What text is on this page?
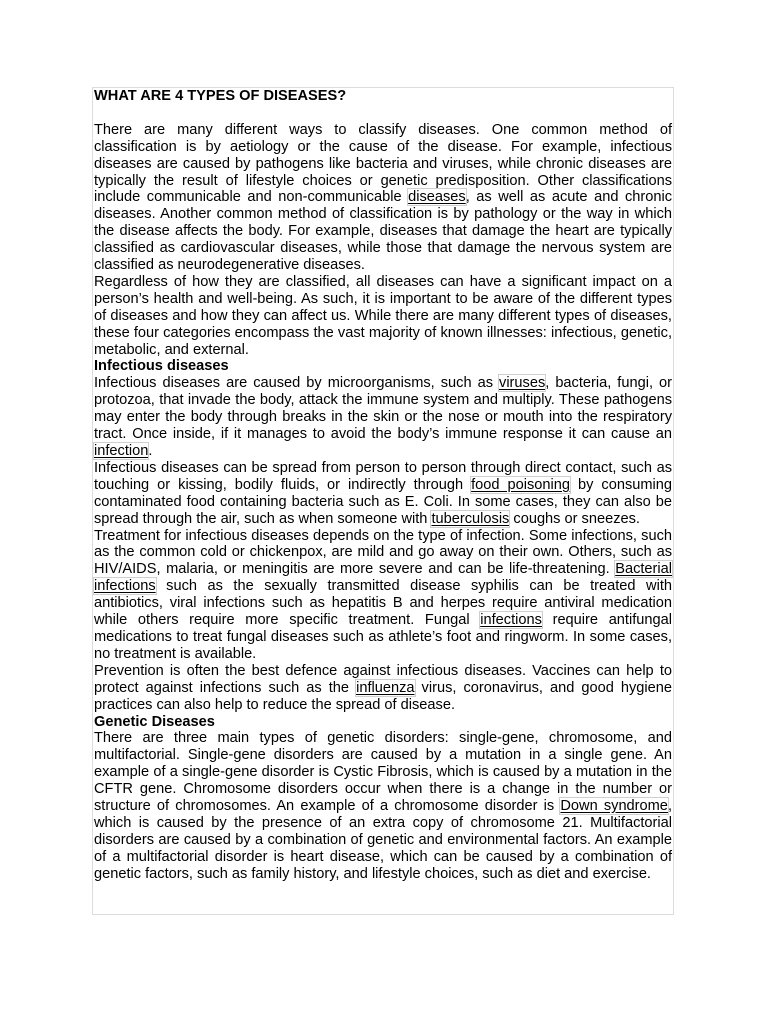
WHAT ARE 4 TYPES OF DISEASES?

There are many different ways to classify diseases. One common method of classification is by aetiology or the cause of the disease. For example, infectious diseases are caused by pathogens like bacteria and viruses, while chronic diseases are typically the result of lifestyle choices or genetic predisposition. Other classifications include communicable and non-communicable diseases, as well as acute and chronic diseases. Another common method of classification is by pathology or the way in which the disease affects the body. For example, diseases that damage the heart are typically classified as cardiovascular diseases, while those that damage the nervous system are classified as neurodegenerative diseases.

Regardless of how they are classified, all diseases can have a significant impact on a person’s health and well-being. As such, it is important to be aware of the different types of diseases and how they can affect us. While there are many different types of diseases, these four categories encompass the vast majority of known illnesses: infectious, genetic, metabolic, and external.

Infectious diseases

Infectious diseases are caused by microorganisms, such as viruses, bacteria, fungi, or protozoa, that invade the body, attack the immune system and multiply. These pathogens may enter the body through breaks in the skin or the nose or mouth into the respiratory tract. Once inside, if it manages to avoid the body’s immune response it can cause an infection.

Infectious diseases can be spread from person to person through direct contact, such as touching or kissing, bodily fluids, or indirectly through food poisoning by consuming contaminated food containing bacteria such as E. Coli. In some cases, they can also be spread through the air, such as when someone with tuberculosis coughs or sneezes.

Treatment for infectious diseases depends on the type of infection. Some infections, such as the common cold or chickenpox, are mild and go away on their own. Others, such as HIV/AIDS, malaria, or meningitis are more severe and can be life-threatening. Bacterial infections such as the sexually transmitted disease syphilis can be treated with antibiotics, viral infections such as hepatitis B and herpes require antiviral medication while others require more specific treatment. Fungal infections require antifungal medications to treat fungal diseases such as athlete’s foot and ringworm. In some cases, no treatment is available.

Prevention is often the best defence against infectious diseases. Vaccines can help to protect against infections such as the influenza virus, coronavirus, and good hygiene practices can also help to reduce the spread of disease.

Genetic Diseases

There are three main types of genetic disorders: single-gene, chromosome, and multifactorial. Single-gene disorders are caused by a mutation in a single gene. An example of a single-gene disorder is Cystic Fibrosis, which is caused by a mutation in the CFTR gene. Chromosome disorders occur when there is a change in the number or structure of chromosomes. An example of a chromosome disorder is Down syndrome, which is caused by the presence of an extra copy of chromosome 21. Multifactorial disorders are caused by a combination of genetic and environmental factors. An example of a multifactorial disorder is heart disease, which can be caused by a combination of genetic factors, such as family history, and lifestyle choices, such as diet and exercise.
